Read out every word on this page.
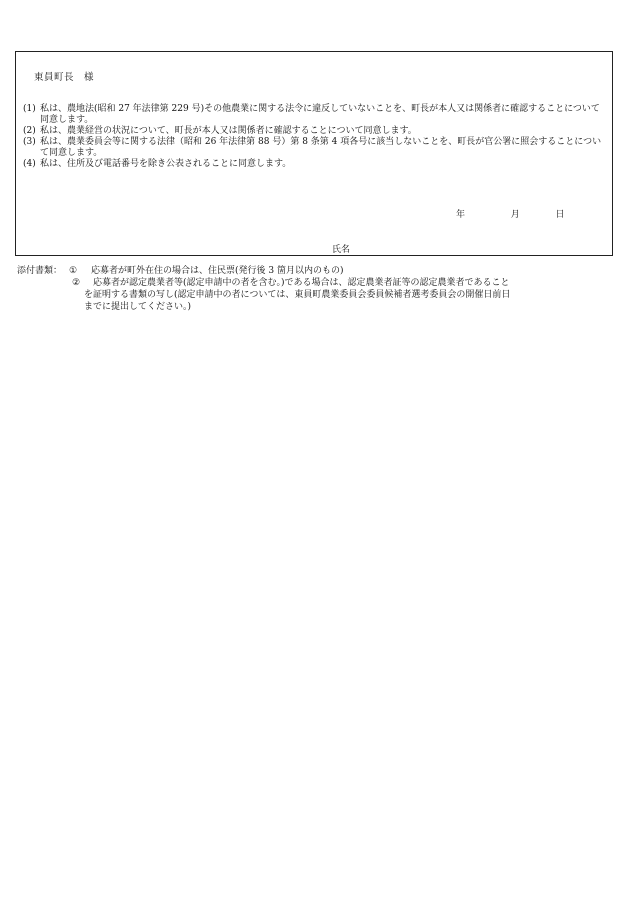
東員町長　様
(1) 私は、農地法(昭和 27 年法律第 229 号)その他農業に関する法令に違反していないことを、町長が本人又は関係者に確認することについて同意します。
(2) 私は、農業経営の状況について、町長が本人又は関係者に確認することについて同意します。
(3) 私は、農業委員会等に関する法律（昭和 26 年法律第 88 号）第 8 条第 4 項各号に該当しないことを、町長が官公署に照会することについて同意します。
(4) 私は、住所及び電話番号を除き公表されることに同意します。
年	月	日
氏名
添付書類： ① 応募者が町外在住の場合は、住民票(発行後 3 箇月以内のもの)
② 応募者が認定農業者等(認定申請中の者を含む。)である場合は、認定農業者証等の認定農業者であること
を証明する書類の写し(認定申請中の者については、東員町農業委員会委員候補者選考委員会の開催日前日
までに提出してください。)
